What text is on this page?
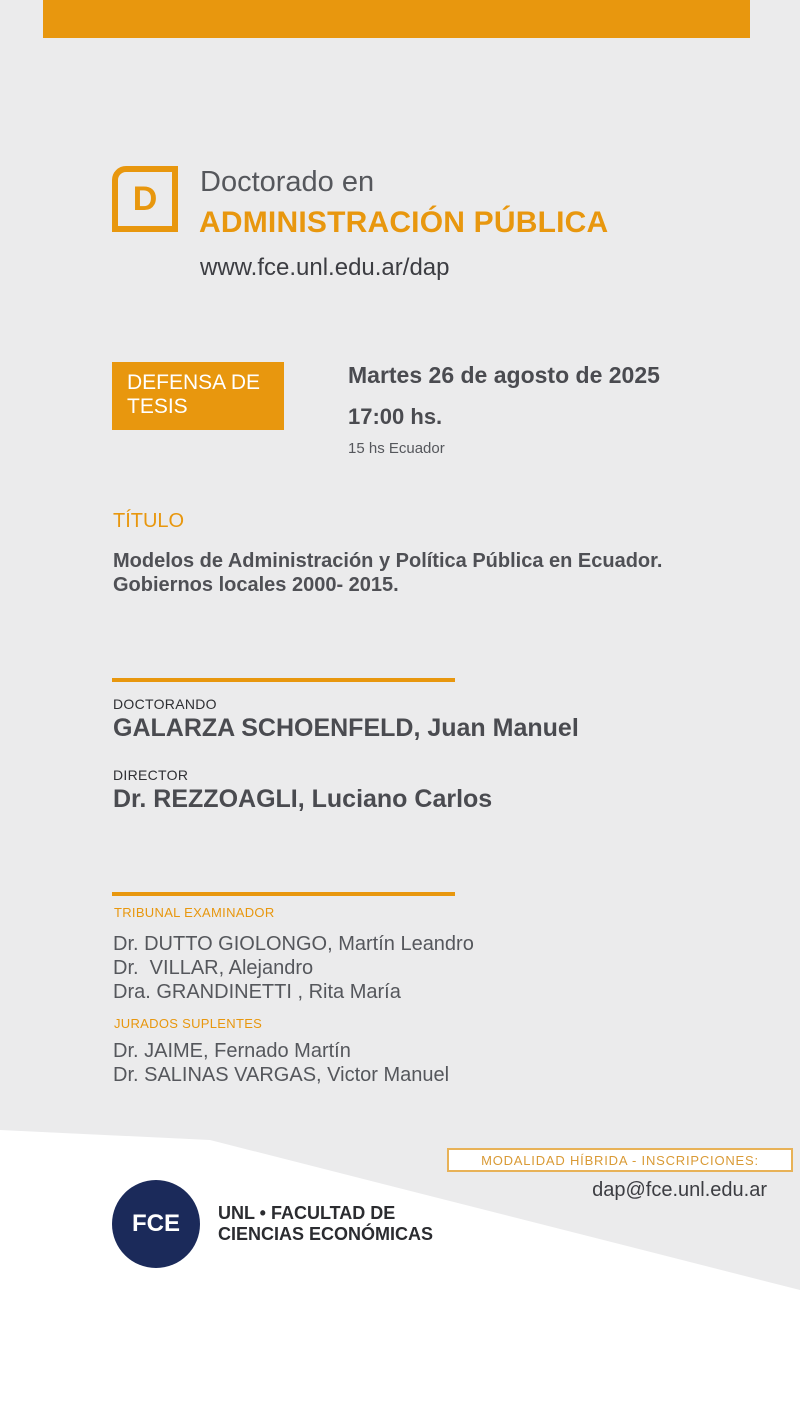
D	Doctorado en
ADMINISTRACIÓN PÚBLICA
www.fce.unl.edu.ar/dap
DEFENSA DE
TESIS
Martes 26 de agosto de 2025
17:00 hs.
15 hs Ecuador
TÍTULO
Modelos de Administración y Política Pública en Ecuador.
Gobiernos locales 2000- 2015.
DOCTORANDO
GALARZA SCHOENFELD, Juan Manuel
DIRECTOR
Dr. REZZOAGLI, Luciano Carlos
TRIBUNAL EXAMINADOR
Dr. DUTTO GIOLONGO, Martín Leandro
Dr.  VILLAR, Alejandro
Dra. GRANDINETTI , Rita María
JURADOS SUPLENTES
Dr. JAIME, Fernado Martín
Dr. SALINAS VARGAS, Victor Manuel
MODALIDAD HÍBRIDA - INSCRIPCIONES:
dap@fce.unl.edu.ar
FCE	UNL • FACULTAD DE
CIENCIAS ECONÓMICAS
